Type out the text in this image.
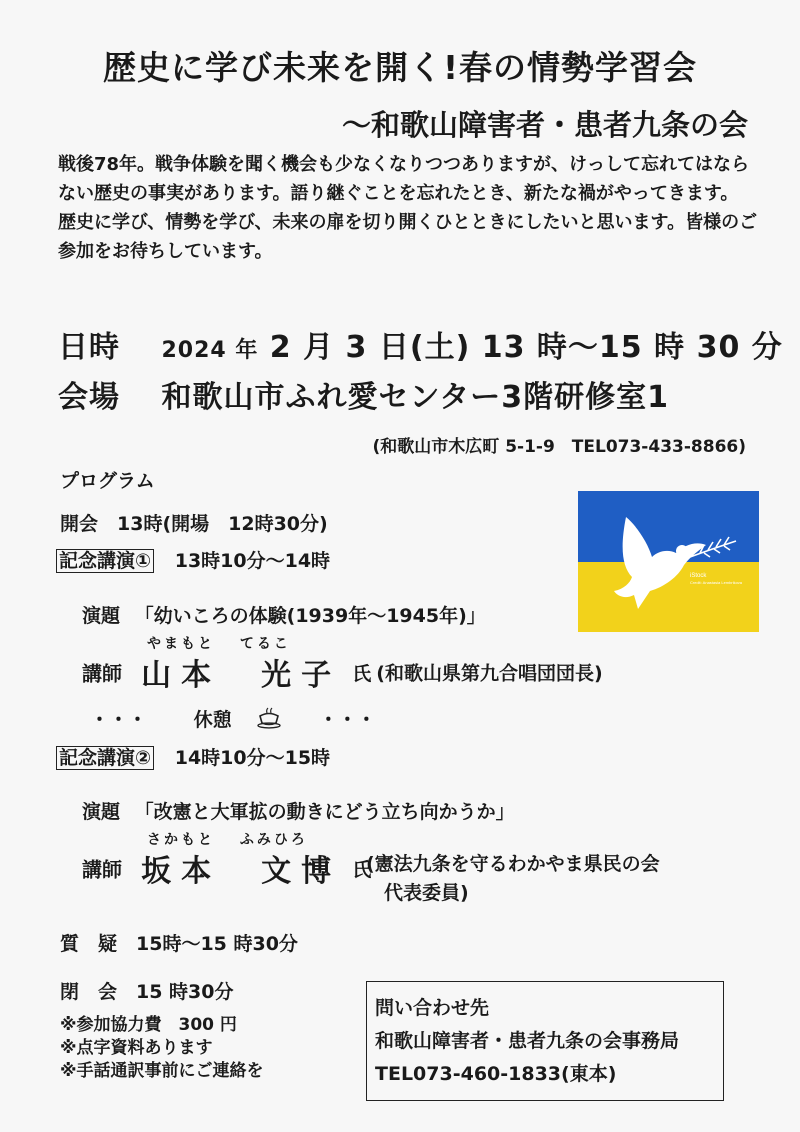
歴史に学び未来を開く!春の情勢学習会
〜和歌山障害者・患者九条の会

戦後78年。戦争体験を聞く機会も少なくなりつつありますが、けっして忘れてはならない歴史の事実があります。語り継ぐことを忘れたとき、新たな禍がやってきます。

歴史に学び、情勢を学び、未来の扉を切り開くひとときにしたいと思います。皆様のご参加をお待ちしています。

日時 2024 年 2 月 3 日(土) 13 時〜15 時 30 分
会場 和歌山市ふれ愛センター3階研修室1
(和歌山市木広町 5-1-9　TEL073-433-8866)
プログラム
開会　13時(開場　12時30分)
記念講演① 13時10分〜14時
演題 「幼いころの体験(1939年〜1945年)」
やまもと　 てるこ
講師 山本　光子 氏 (和歌山県第九合唱団団長)
・・・ 休憩	・・・
記念講演② 14時10分〜15時
演題 「改憲と大軍拡の動きにどう立ち向かうか」
さかもと　 ふみひろ
講師 坂本　文博 氏
(憲法九条を守るわかやま県民の会
代表委員)
質　疑　15時〜15 時30分
閉　会　15 時30分
※参加協力費　300 円
※点字資料あります
※手話通訳事前にご連絡を
問い合わせ先
和歌山障害者・患者九条の会事務局
TEL073-460-1833(東本)
iStock
Credit: Anastasia Lembrikova
